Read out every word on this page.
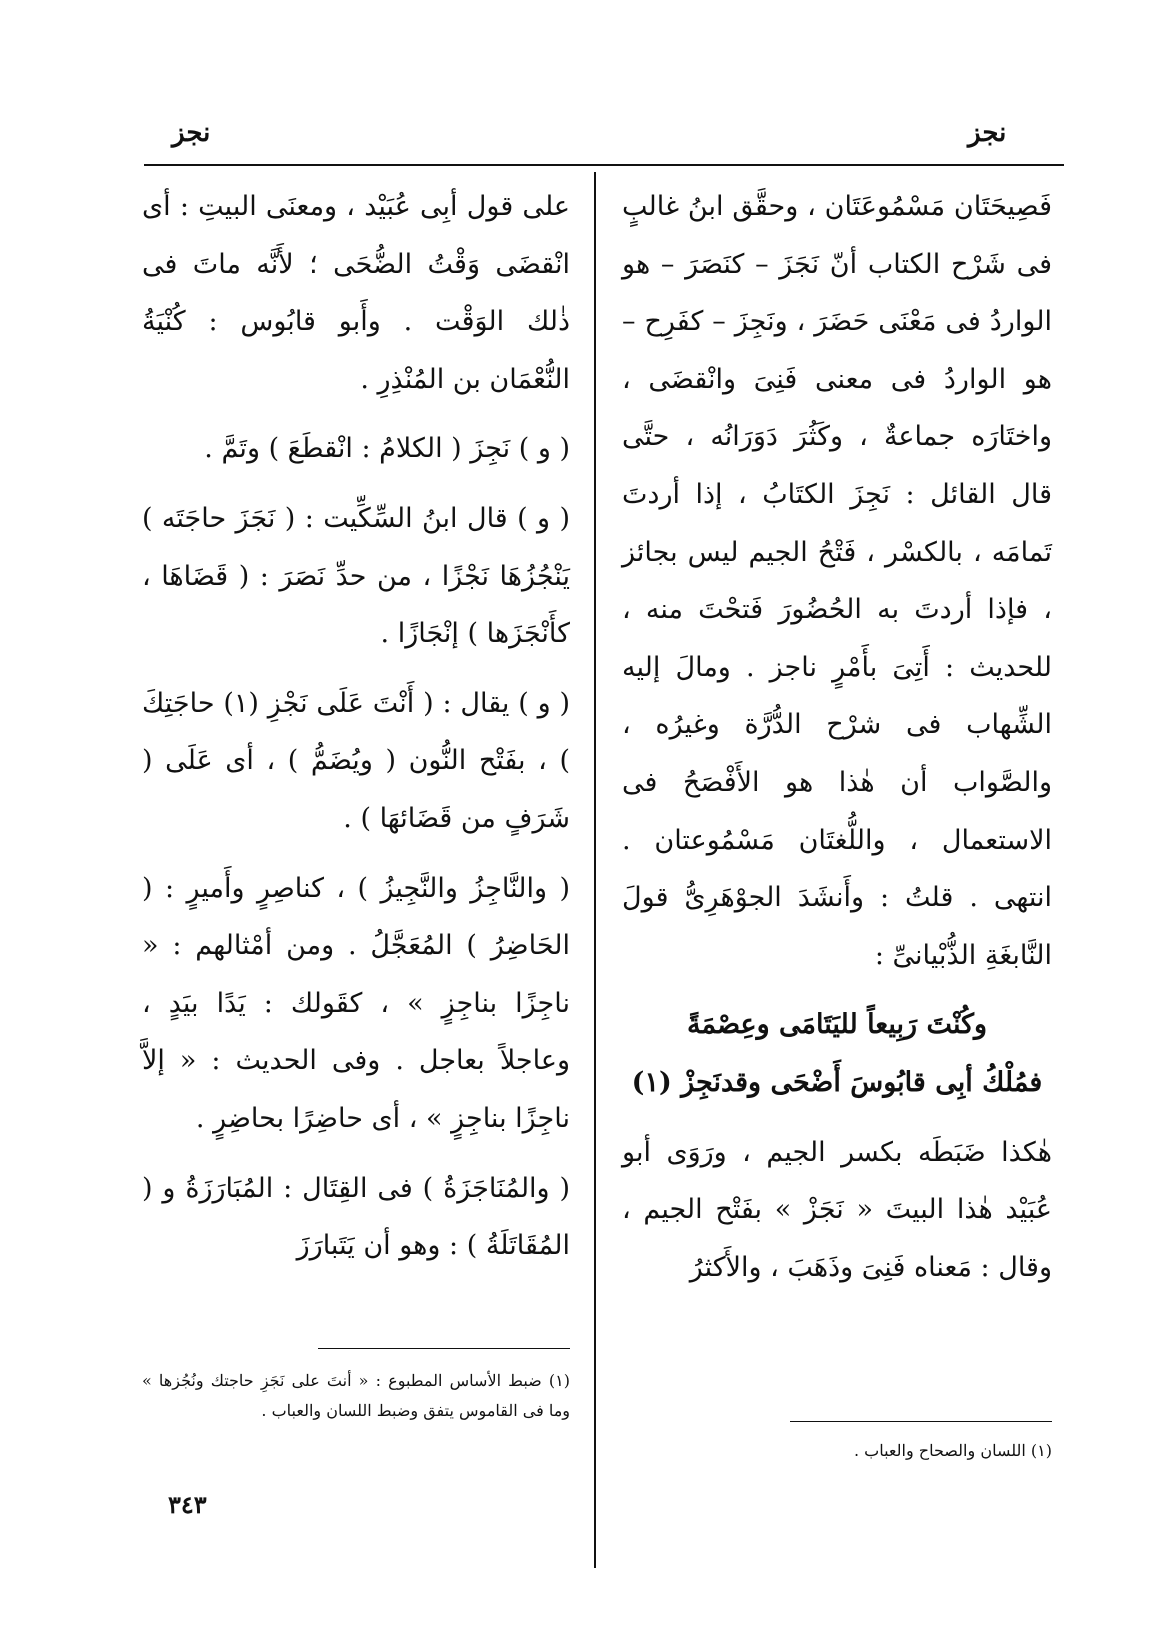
نجز
نجز

فَصِيحَتَان مَسْمُوعَتَان ، وحقَّق ابنُ غالبٍ فى شَرْح الكتاب أنّ نَجَزَ – كنَصَرَ – هو الواردُ فى مَعْنَى حَضَرَ ، ونَجِزَ – كفَرِح – هو الواردُ فى معنى فَنِىَ وانْقضَى ، واختَارَه جماعةٌ ، وكَثُرَ دَوَرَانُه ، حتَّى قال القائل : نَجِزَ الكتَابُ ، إذا أردتَ تَمامَه ، بالكسْر ، فَتْحُ الجيم ليس بجائز ، فإذا أردتَ به الحُضُورَ فَتحْتَ منه ، للحديث : أَتِىَ بأَمْرٍ ناجز . ومالَ إليه الشِّهاب فى شرْح الدُّرَّة وغيرُه ، والصَّواب أن هٰذا هو الأَفْصَحُ فى الاستعمال ، واللُّغتَان مَسْمُوعتان . انتهى . قلتُ : وأَنشَدَ الجوْهَرِىُّ قولَ النَّابغَةِ الذُّبْيانىِّ :

وكُنْتَ رَبِيعاً لليَتَامَى وعِصْمَةً

فمُلْكُ أبِى قابُوسَ أَضْحَى وقدنَجِزْ (١)

هٰكذا ضَبَطَه بكسر الجيم ، ورَوَى أبو عُبَيْد هٰذا البيتَ « نَجَزْ » بفَتْح الجيم ، وقال : مَعناه فَنِىَ وذَهَبَ ، والأَكثرُ

على قول أبِى عُبَيْد ، ومعنَى البيتِ : أى انْقضَى وَقْتُ الضُّحَى ؛ لأَنَّه ماتَ فى ذٰلك الوَقْت . وأَبو قابُوس : كُنْيَةُ النُّعْمَان بن المُنْذِرِ .

( و ) نَجِزَ ( الكلامُ : انْقطَعَ ) وتَمَّ .

( و ) قال ابنُ السِّكِّيت : ( نَجَزَ حاجَتَه ) يَنْجُزُهَا نَجْزًا ، من حدِّ نَصَرَ : ( قَضَاهَا ، كأَنْجَزَها ) إنْجَازًا .

( و ) يقال : ( أَنْتَ عَلَى نَجْزِ (١) حاجَتِكَ ) ، بفَتْح النُّون ( ويُضَمُّ ) ، أى عَلَى ( شَرَفٍ من قَضَائهَا ) .

( والنَّاجِزُ والنَّجِيزُ ) ، كناصِرٍ وأَميرٍ : ( الحَاضِرُ ) المُعَجَّلُ . ومن أمْثالهم : « ناجِزًا بناجِزٍ » ، كقَولك : يَدًا بيَدٍ ، وعاجلاً بعاجل . وفى الحديث : « إلاَّ ناجِزًا بناجِزٍ » ، أى حاضِرًا بحاضِرٍ .

( والمُنَاجَزَةُ ) فى القِتَال : المُبَارَزَةُ و ( المُقَاتَلَةُ ) : وهو أن يَتَبارَزَ

(١) اللسان والصحاح والعباب .
(١) ضبط الأساس المطبوع : « أنتَ على نَجَزِ حاجتك ونُجُزها » وما فى القاموس يتفق وضبط اللسان والعباب .
٣٤٣
